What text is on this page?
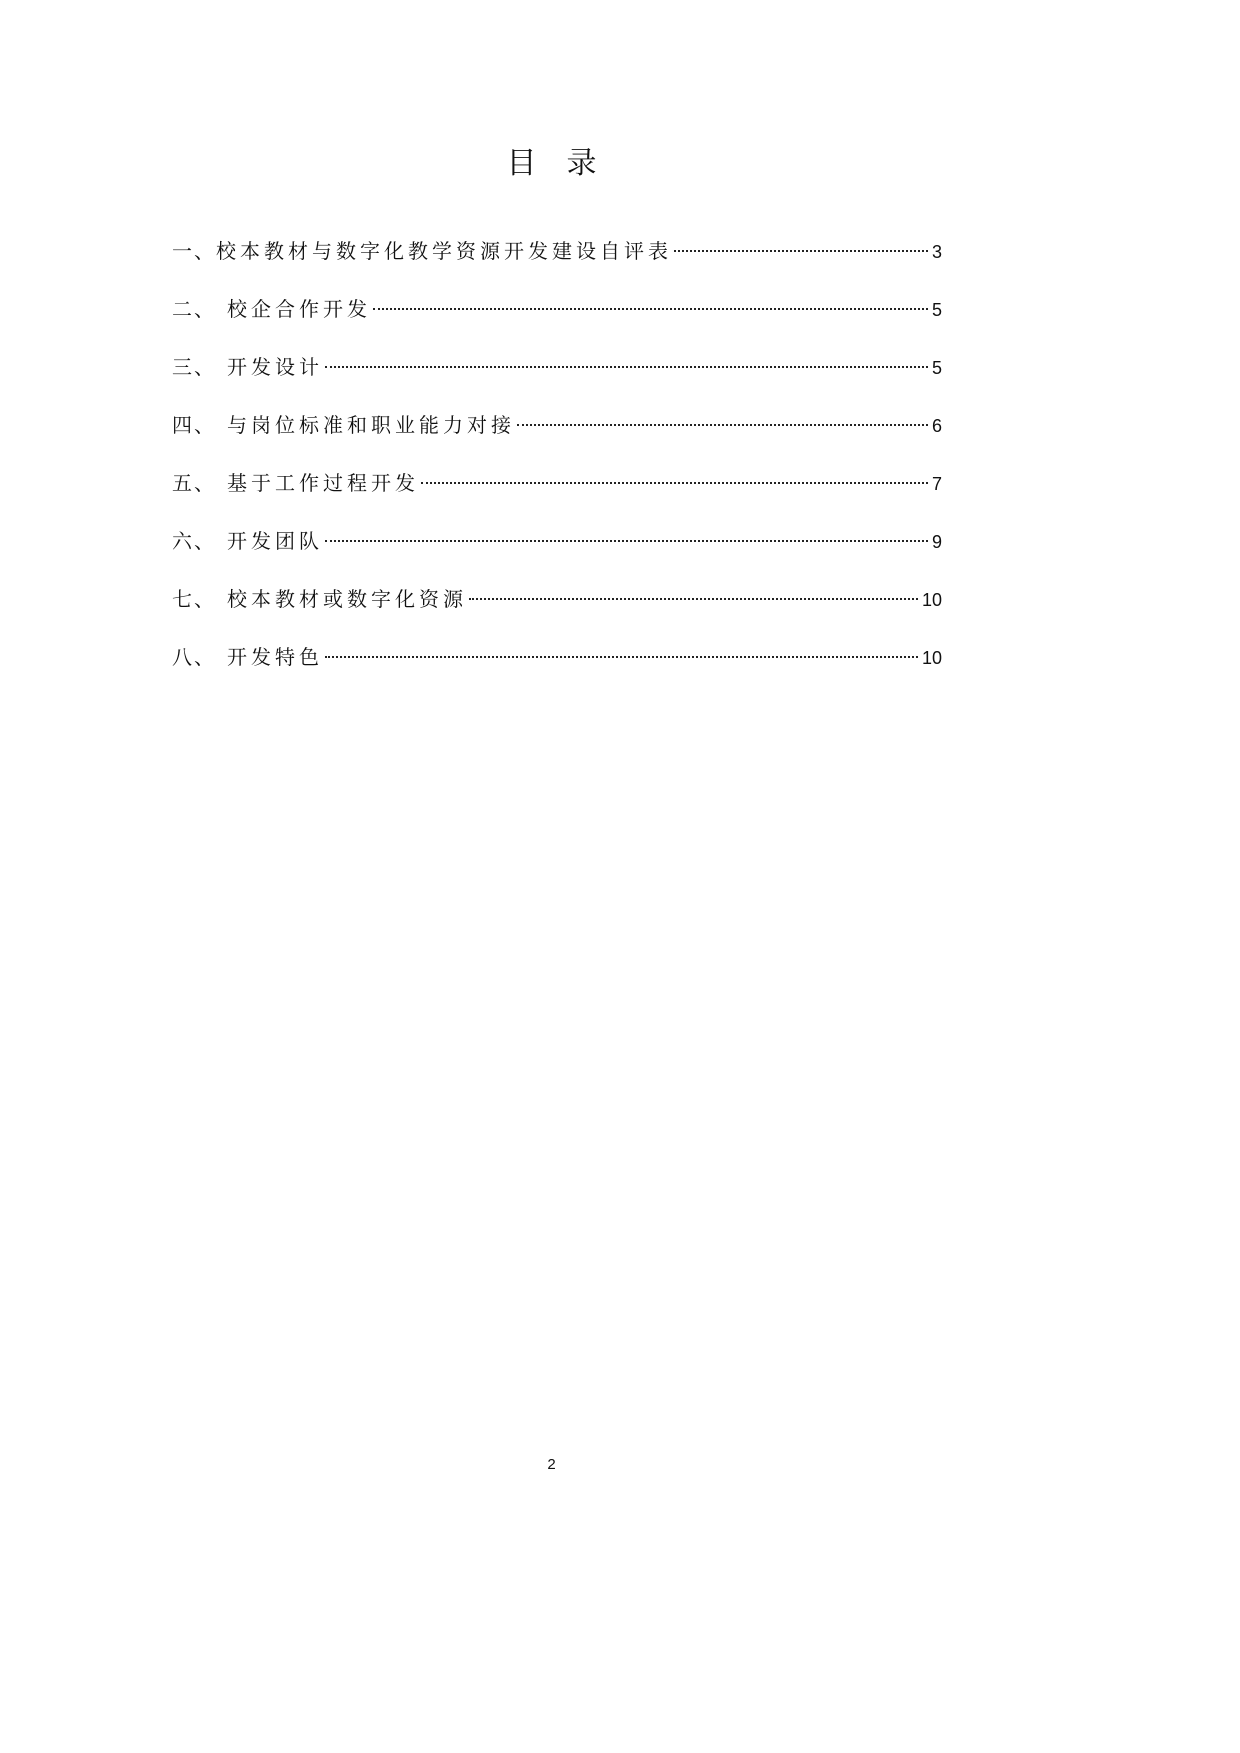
目录
一、 校本教材与数字化教学资源开发建设自评表	3
二、 校企合作开发	5
三、 开发设计	5
四、 与岗位标准和职业能力对接	6
五、 基于工作过程开发	7
六、 开发团队	9
七、 校本教材或数字化资源	10
八、 开发特色	10
2
